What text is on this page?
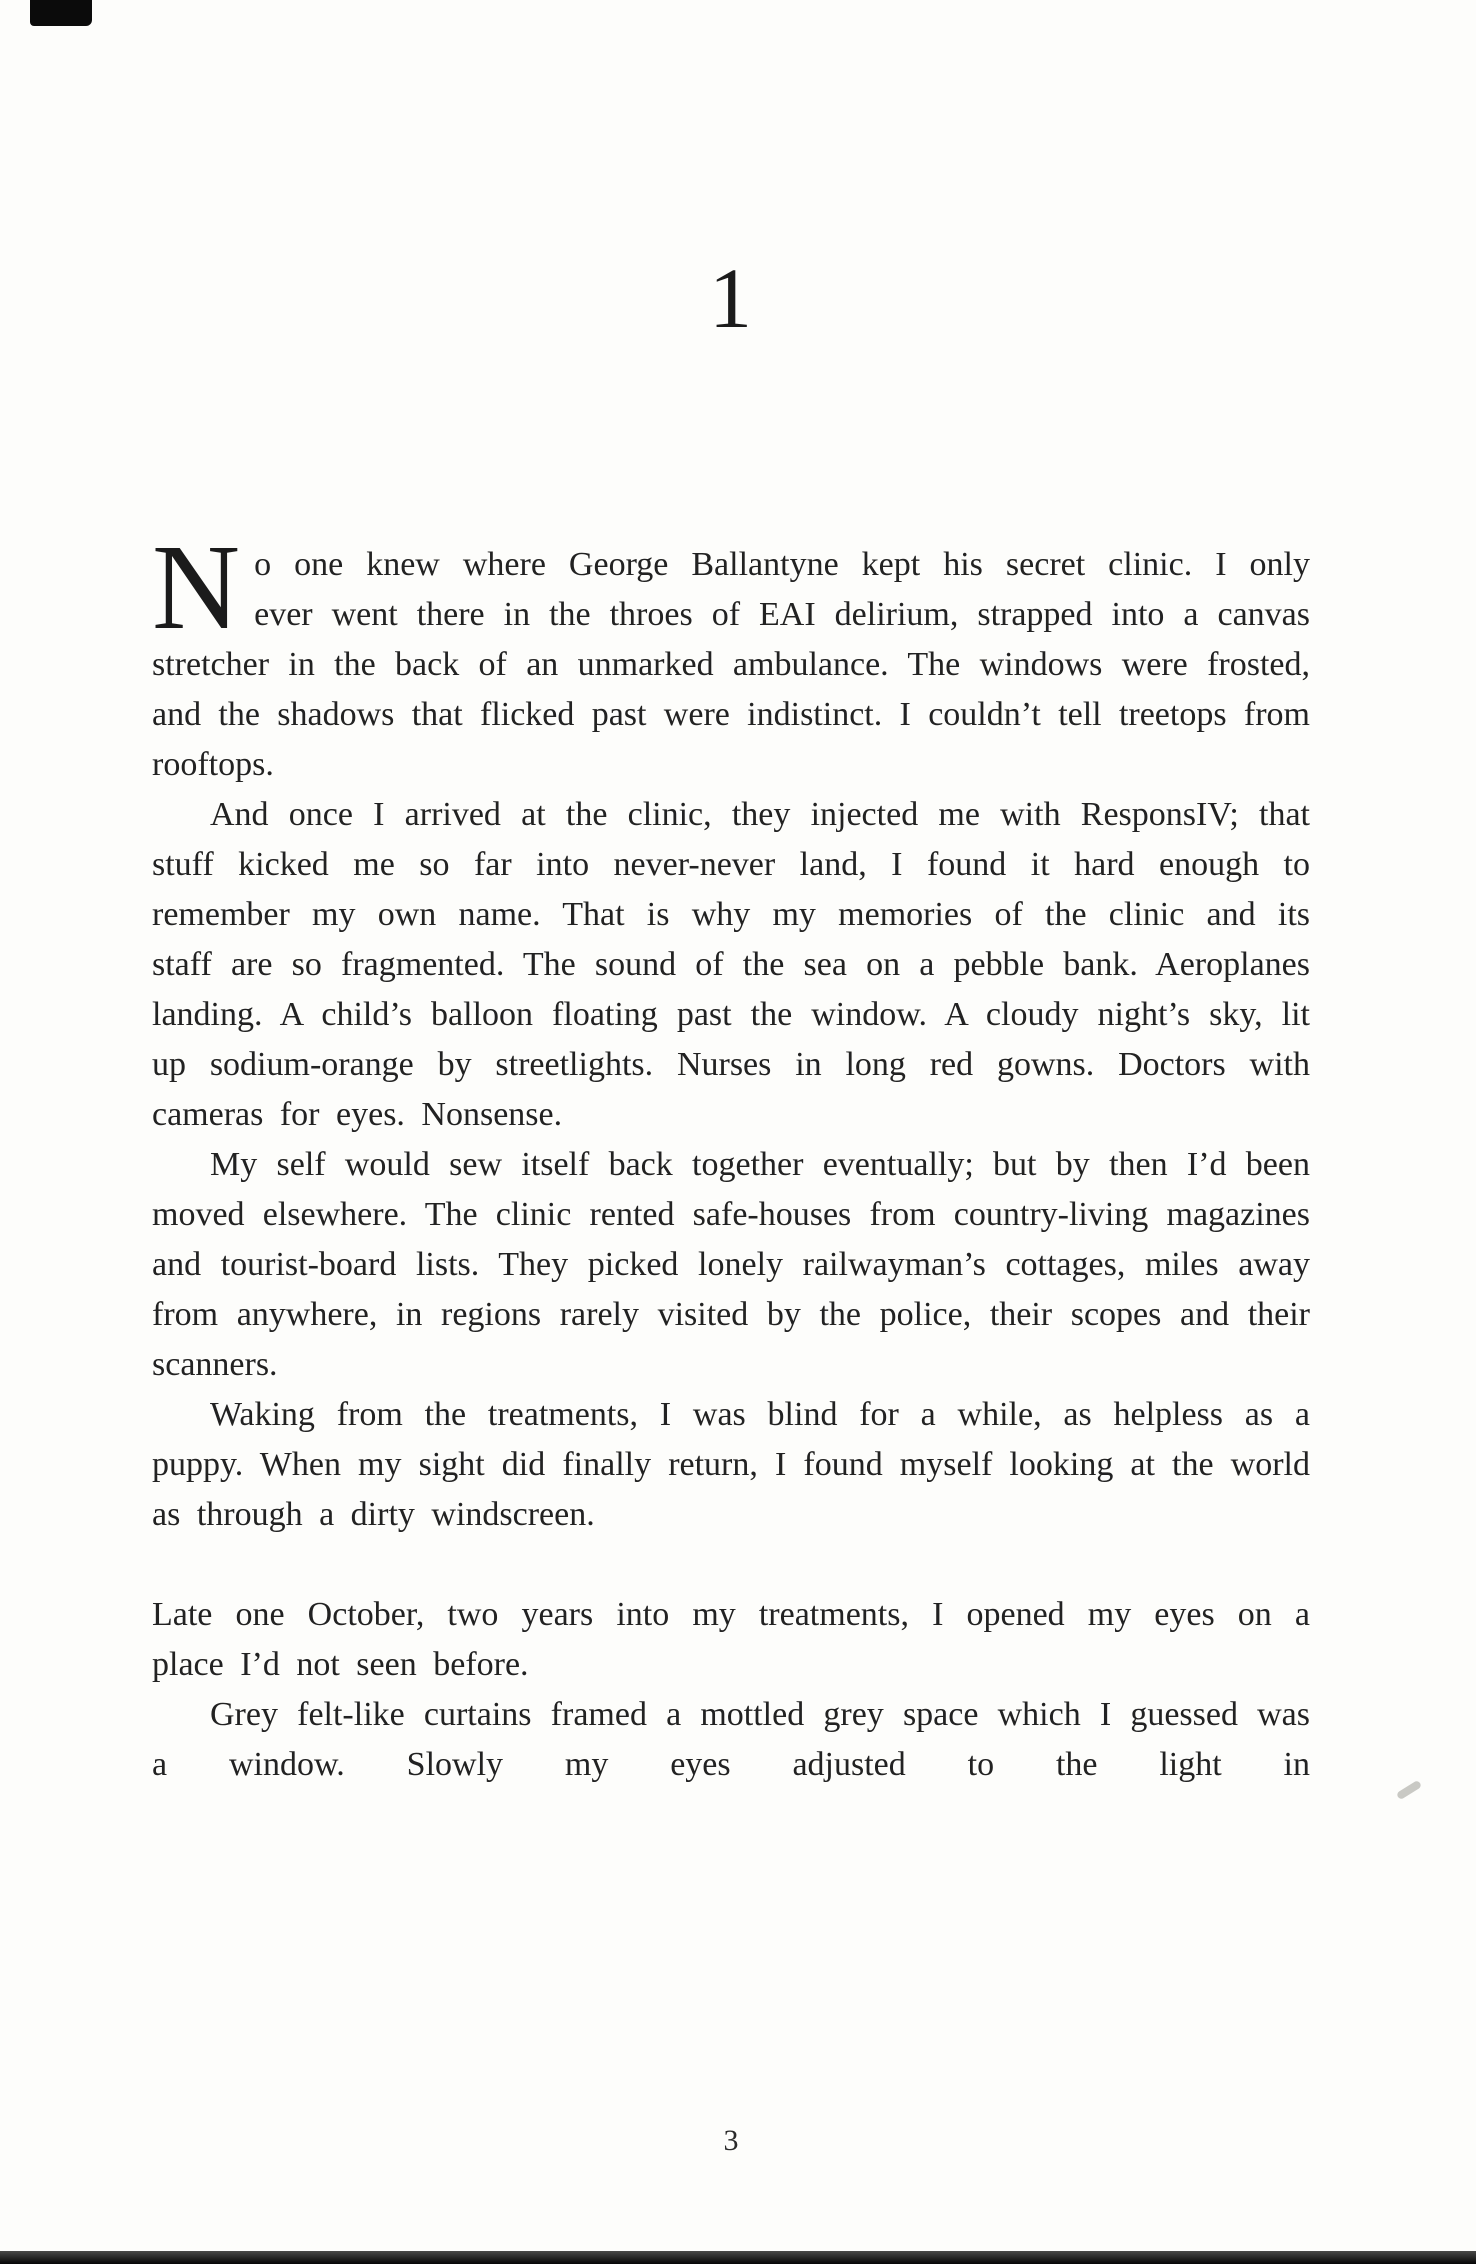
1

No one knew where George Ballantyne kept his secret clinic. I only ever went there in the throes of EAI delirium, strapped into a canvas stretcher in the back of an unmarked ambulance. The windows were frosted, and the shadows that flicked past were indistinct. I couldn’t tell treetops from rooftops.

And once I arrived at the clinic, they injected me with ResponsIV; that stuff kicked me so far into never-never land, I found it hard enough to remember my own name. That is why my memories of the clinic and its staff are so fragmented. The sound of the sea on a pebble bank. Aeroplanes landing. A child’s balloon floating past the window. A cloudy night’s sky, lit up sodium-orange by streetlights. Nurses in long red gowns. Doctors with cameras for eyes. Nonsense.

My self would sew itself back together eventually; but by then I’d been moved elsewhere. The clinic rented safe-houses from country-living magazines and tourist-board lists. They picked lonely railwayman’s cottages, miles away from anywhere, in regions rarely visited by the police, their scopes and their scanners.

Waking from the treatments, I was blind for a while, as helpless as a puppy. When my sight did finally return, I found myself looking at the world as through a dirty windscreen.

Late one October, two years into my treatments, I opened my eyes on a place I’d not seen before.

Grey felt-like curtains framed a mottled grey space which I guessed was a window. Slowly my eyes adjusted to the light in

3
